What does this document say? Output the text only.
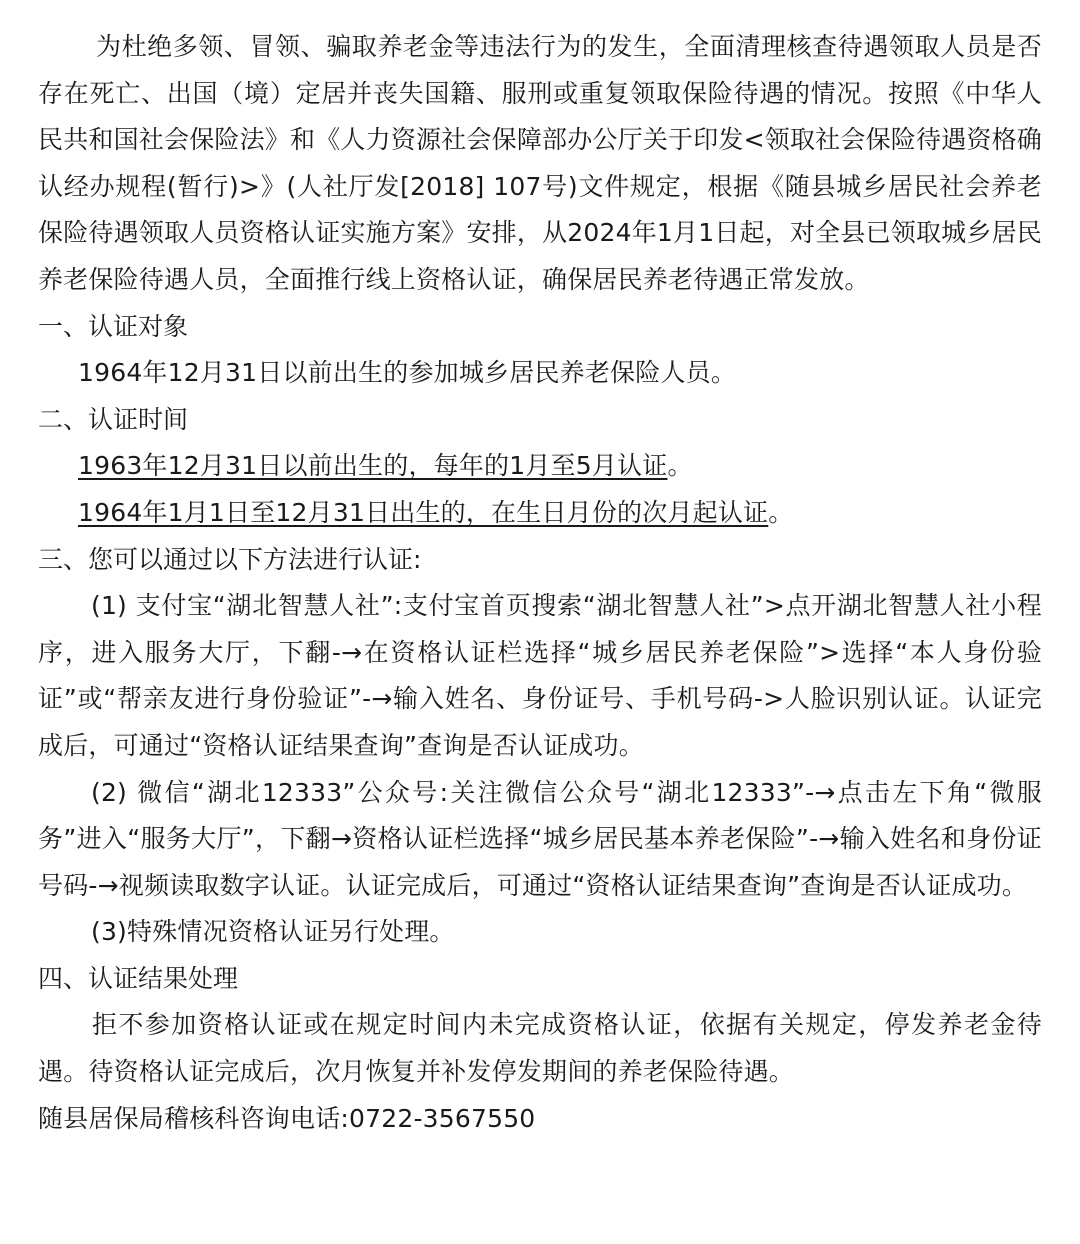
为杜绝多领、冒领、骗取养老金等违法行为的发生，全面清理核查待遇领取人员是否存在死亡、出国（境）定居并丧失国籍、服刑或重复领取保险待遇的情况。按照《中华人民共和国社会保险法》和《人力资源社会保障部办公厅关于印发<领取社会保险待遇资格确认经办规程(暂行)>》(人社厅发[2018] 107号)文件规定，根据《随县城乡居民社会养老保险待遇领取人员资格认证实施方案》安排，从2024年1月1日起，对全县已领取城乡居民养老保险待遇人员，全面推行线上资格认证，确保居民养老待遇正常发放。

一、认证对象

1964年12月31日以前出生的参加城乡居民养老保险人员。

二、认证时间

1963年12月31日以前出生的，每年的1月至5月认证。

1964年1月1日至12月31日出生的，在生日月份的次月起认证。

三、您可以通过以下方法进行认证:

(1) 支付宝“湖北智慧人社”:支付宝首页搜索“湖北智慧人社”>点开湖北智慧人社小程序，进入服务大厅，下翻-→在资格认证栏选择“城乡居民养老保险”>选择“本人身份验证”或“帮亲友进行身份验证”-→输入姓名、身份证号、手机号码->人脸识别认证。认证完成后，可通过“资格认证结果查询”查询是否认证成功。

(2) 微信“湖北12333”公众号:关注微信公众号“湖北12333”-→点击左下角“微服务”进入“服务大厅”，下翻→资格认证栏选择“城乡居民基本养老保险”-→输入姓名和身份证号码-→视频读取数字认证。认证完成后，可通过“资格认证结果查询”查询是否认证成功。

(3)特殊情况资格认证另行处理。

四、认证结果处理

拒不参加资格认证或在规定时间内未完成资格认证，依据有关规定，停发养老金待遇。待资格认证完成后，次月恢复并补发停发期间的养老保险待遇。

随县居保局稽核科咨询电话:0722-3567550
